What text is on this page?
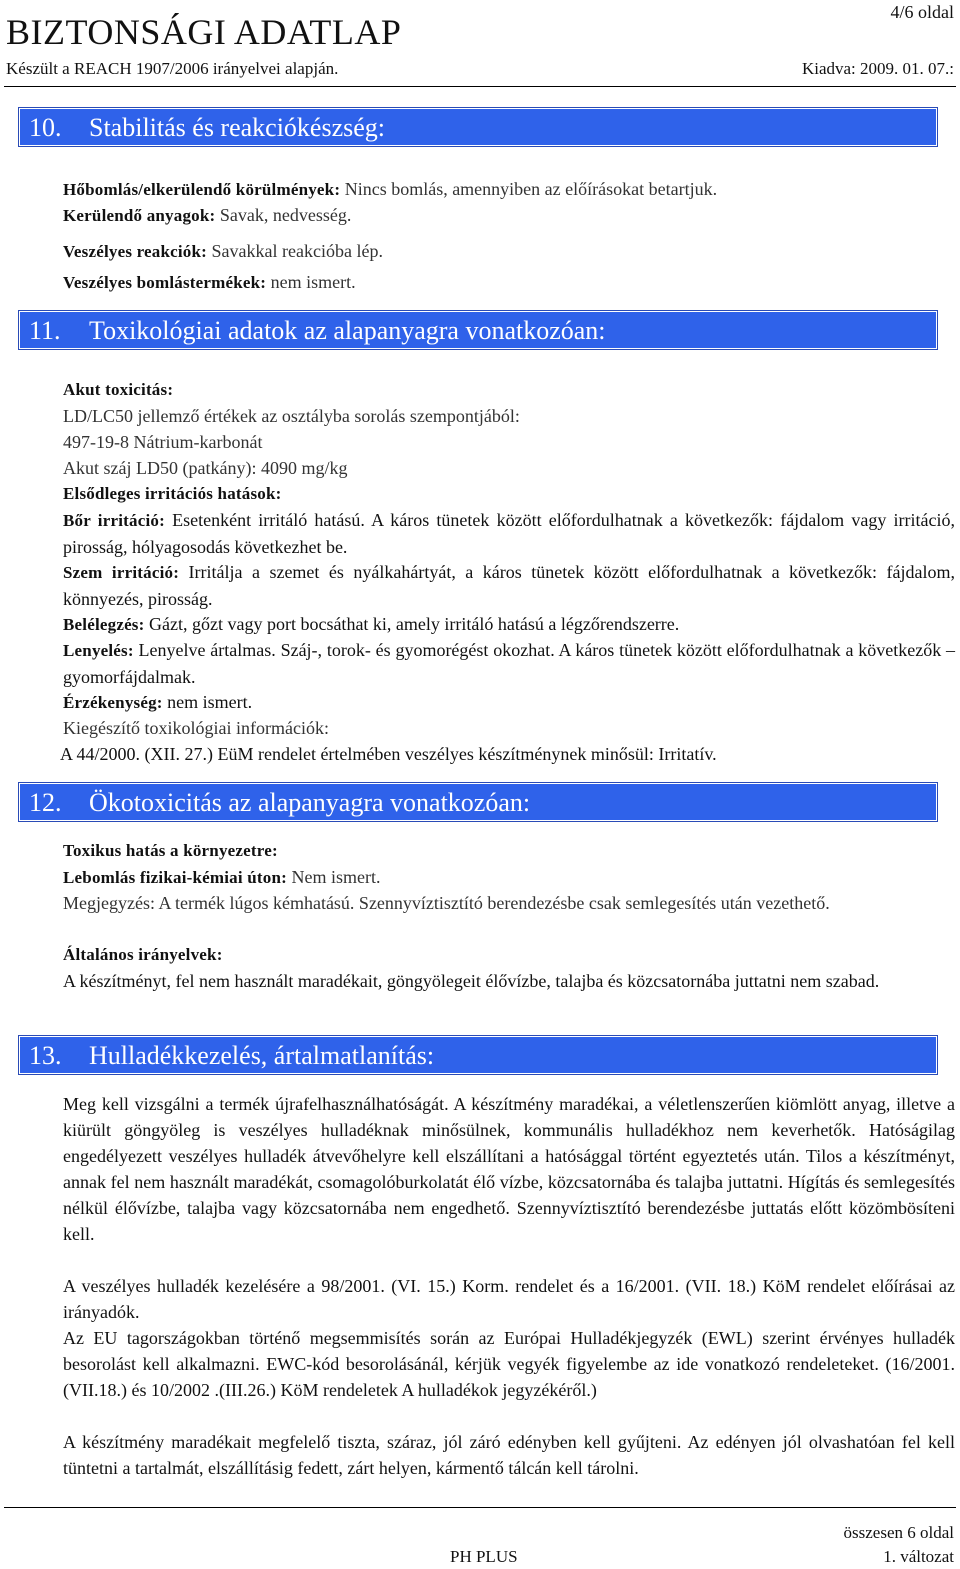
BIZTONSÁGI ADATLAP	4/6 oldal
Készült a REACH 1907/2006 irányelvei alapján.	Kiadva: 2009. 01. 07.:
10. Stabilitás és reakciókészség:
Hőbomlás/elkerülendő körülmények: Nincs bomlás, amennyiben az előírásokat betartjuk.
Kerülendő anyagok: Savak, nedvesség.
Veszélyes reakciók: Savakkal reakcióba lép.
Veszélyes bomlástermékek: nem ismert.
11. Toxikológiai adatok az alapanyagra vonatkozóan:
Akut toxicitás:
LD/LC50 jellemző értékek az osztályba sorolás szempontjából:
497-19-8 Nátrium-karbonát
Akut száj LD50 (patkány): 4090 mg/kg
Elsődleges irritációs hatások:
Bőr irritáció: Esetenként irritáló hatású. A káros tünetek között előfordulhatnak a következők: fájdalom vagy irritáció, pirosság, hólyagosodás következhet be.
Szem irritáció: Irritálja a szemet és nyálkahártyát, a káros tünetek között előfordulhatnak a következők: fájdalom, könnyezés, pirosság.
Belélegzés: Gázt, gőzt vagy port bocsáthat ki, amely irritáló hatású a légzőrendszerre.
Lenyelés: Lenyelve ártalmas. Száj-, torok- és gyomorégést okozhat. A káros tünetek között előfordulhatnak a következők – gyomorfájdalmak.
Érzékenység: nem ismert.
Kiegészítő toxikológiai információk:
A 44/2000. (XII. 27.) EüM rendelet értelmében veszélyes készítménynek minősül: Irritatív.
12. Ökotoxicitás az alapanyagra vonatkozóan:
Toxikus hatás a környezetre:
Lebomlás fizikai-kémiai úton: Nem ismert.
Megjegyzés: A termék lúgos kémhatású. Szennyvíztisztító berendezésbe csak semlegesítés után vezethető.
Általános irányelvek:
A készítményt, fel nem használt maradékait, göngyölegeit élővízbe, talajba és közcsatornába juttatni nem szabad.
13. Hulladékkezelés, ártalmatlanítás:
Meg kell vizsgálni a termék újrafelhasználhatóságát. A készítmény maradékai, a véletlenszerűen kiömlött anyag, illetve a kiürült göngyöleg is veszélyes hulladéknak minősülnek, kommunális hulladékhoz nem keverhetők. Hatóságilag engedélyezett veszélyes hulladék átvevőhelyre kell elszállítani a hatósággal történt egyeztetés után. Tilos a készítményt, annak fel nem használt maradékát, csomagolóburkolatát élő vízbe, közcsatornába és talajba juttatni. Hígítás és semlegesítés nélkül élővízbe, talajba vagy közcsatornába nem engedhető. Szennyvíztisztító berendezésbe juttatás előtt közömbösíteni kell.
A veszélyes hulladék kezelésére a 98/2001. (VI. 15.) Korm. rendelet és a 16/2001. (VII. 18.) KöM rendelet előírásai az irányadók.
Az EU tagországokban történő megsemmisítés során az Európai Hulladékjegyzék (EWL) szerint érvényes hulladék besorolást kell alkalmazni. EWC-kód besorolásánál, kérjük vegyék figyelembe az ide vonatkozó rendeleteket. (16/2001. (VII.18.) és 10/2002 .(III.26.) KöM rendeletek A hulladékok jegyzékéről.)
A készítmény maradékait megfelelő tiszta, száraz, jól záró edényben kell gyűjteni. Az edényen jól olvashatóan fel kell tüntetni a tartalmát, elszállításig fedett, zárt helyen, kármentő tálcán kell tárolni.
összesen 6 oldal
PH PLUS	1. változat
